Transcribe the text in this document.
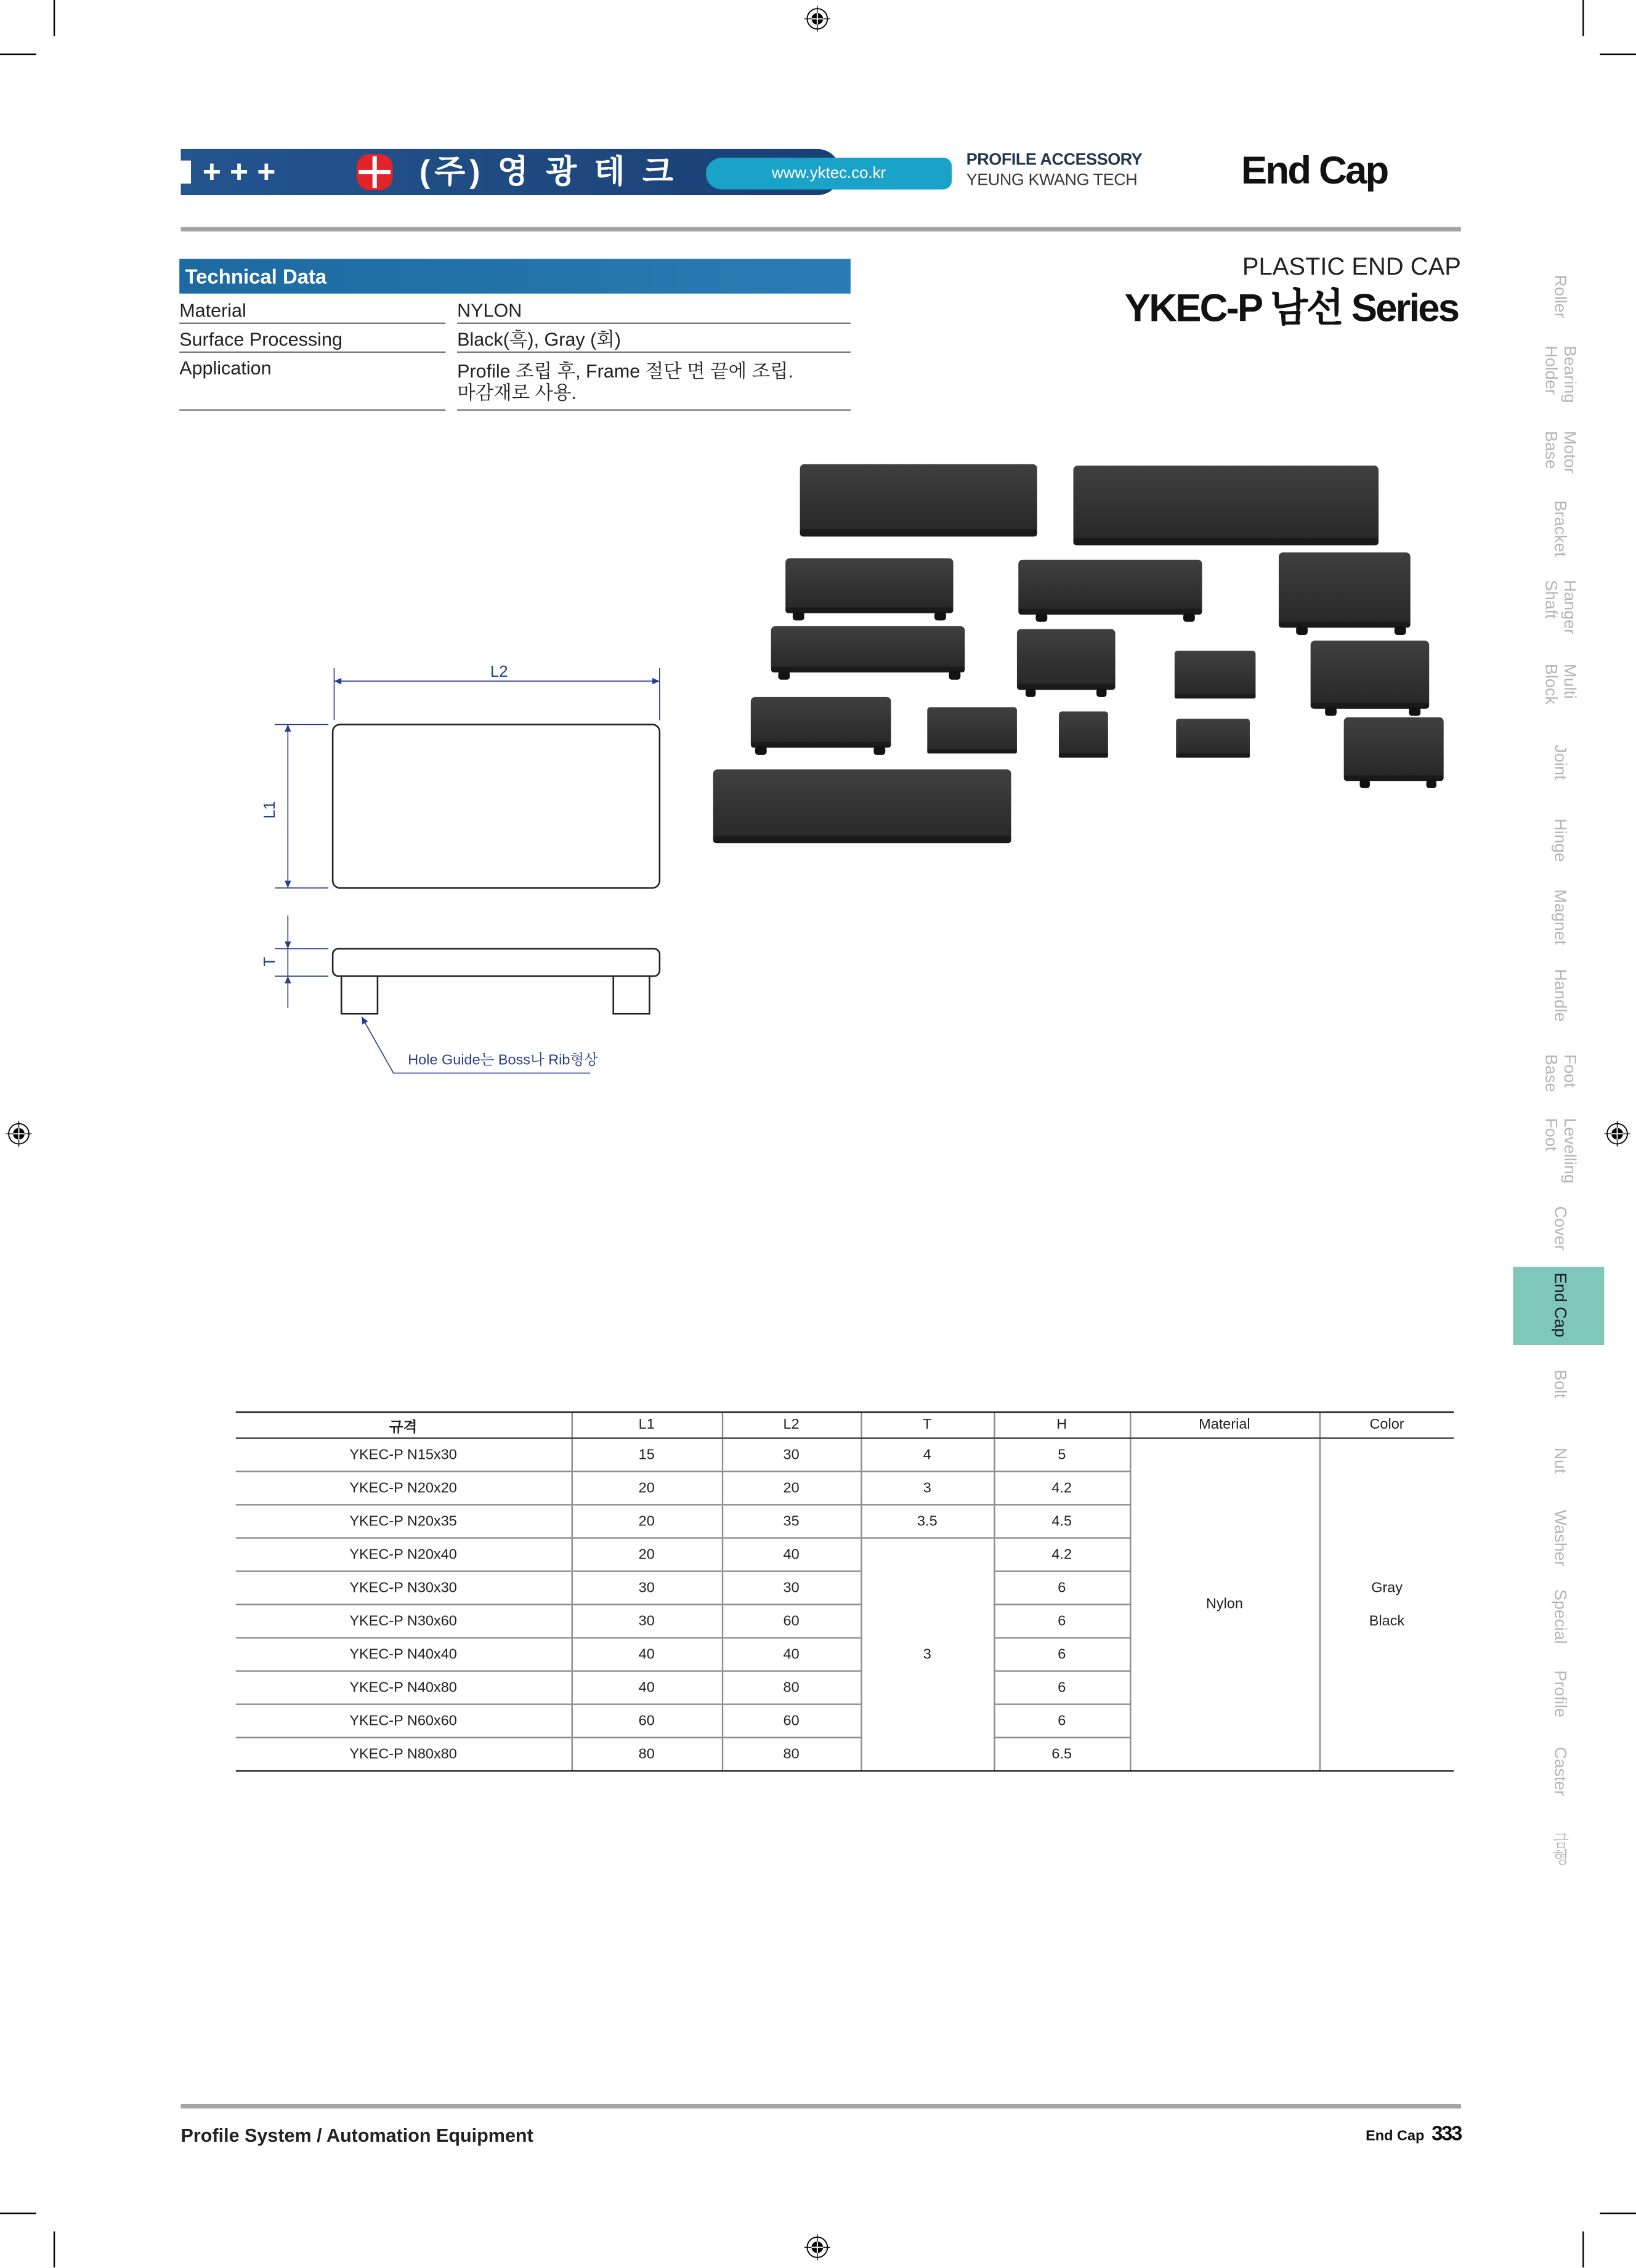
+++	(주) 영 광 테 크	www.yktec.co.kr
PROFILE ACCESSORY
YEUNG KWANG TECH	End Cap
Technical Data
Material	NYLON
Surface Processing	Black(흑), Gray (회)
Application	Profile 조립 후, Frame 절단 면 끝에 조립.
마감재로 사용.
PLASTIC END CAP
YKEC-P 남선 Series
L2
L1
T
Hole Guide는 Boss나 Rib형상
Roller
Bearing
Holder
Motor
Base
Bracket
Hanger
Shaft
Multi
Block
Joint
Hinge
Magnet
Handle
Foot
Base
Levelling
Foot
Cover
End Cap
Bolt
Nut
Washer
Special
Profile
Caster
금형
규격	L1	L2	T	H	Material	Color
YKEC-P N15x30	15	30	4	5	Nylon	Gray
Black

YKEC-P N20x20	20	20	3	4.2		
YKEC-P N20x35	20	35	3.5	4.5		
YKEC-P N20x40	20	40	3	4.2		
YKEC-P N30x30	30	30		6		
YKEC-P N30x60	30	60		6		
YKEC-P N40x40	40	40		6		
YKEC-P N40x80	40	80		6		
YKEC-P N60x60	60	60		6		
YKEC-P N80x80	80	80		6.5		
Profile System / Automation Equipment	End Cap 333
